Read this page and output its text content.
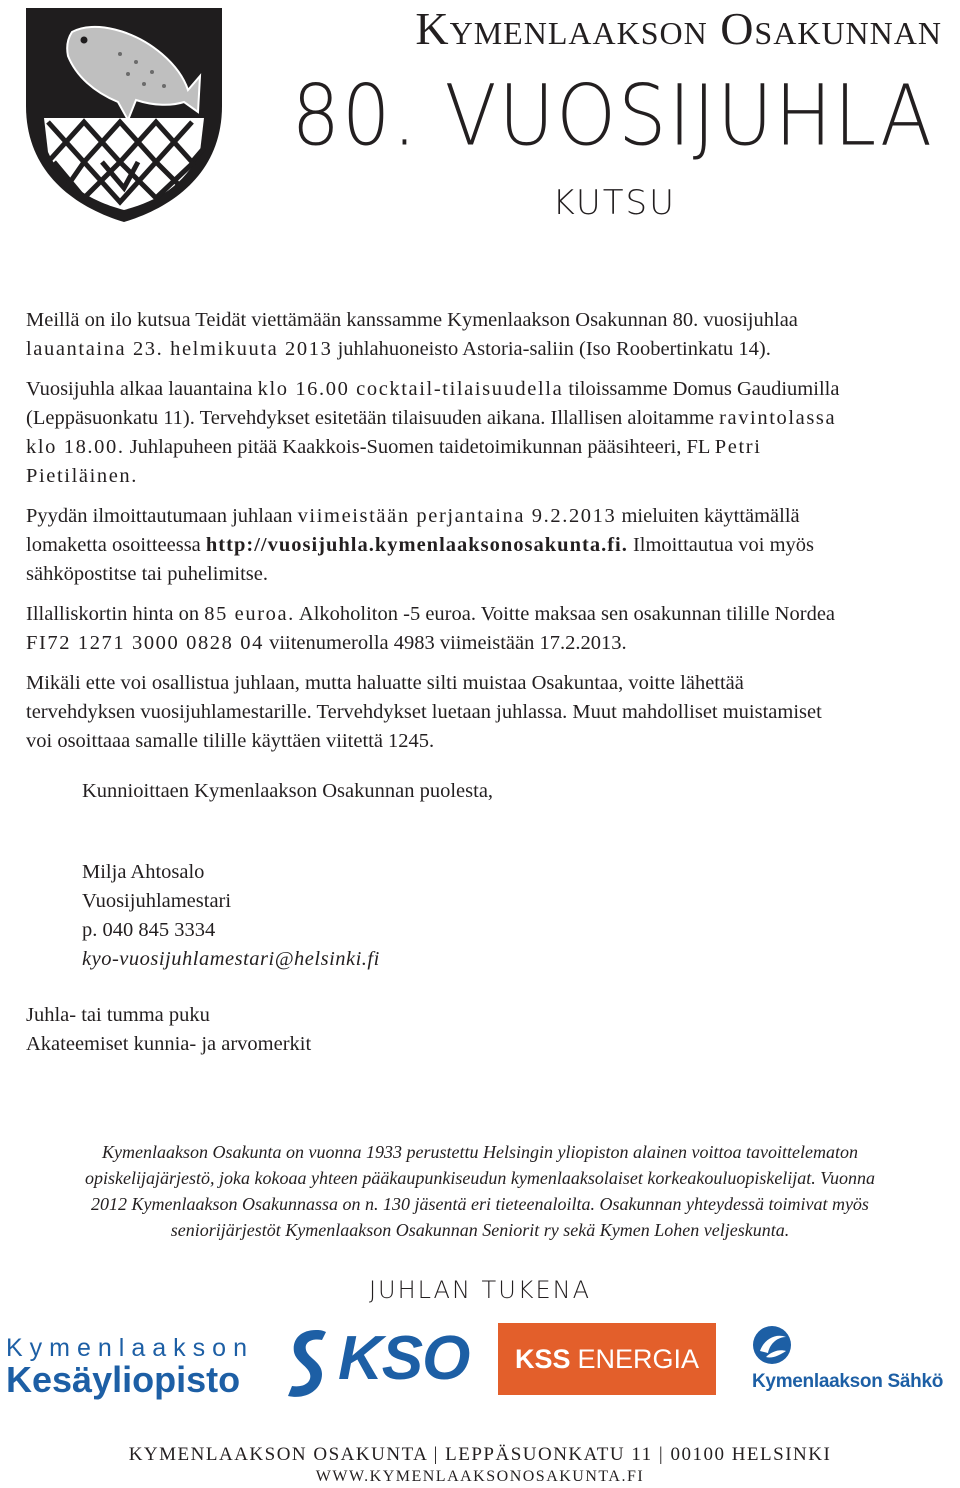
Kymenlaakson Osakunnan
80. VUOSIJUHLA
KUTSU

Meillä on ilo kutsua Teidät viettämään kanssamme Kymenlaakson Osakunnan 80. vuosijuhlaa
lauantaina 23. helmikuuta 2013 juhlahuoneisto Astoria-saliin (Iso Roobertinkatu 14).

Vuosijuhla alkaa lauantaina klo 16.00 cocktail-tilaisuudella tiloissamme Domus Gaudiumilla
(Leppäsuonkatu 11). Tervehdykset esitetään tilaisuuden aikana. Illallisen aloitamme ravintolassa
klo 18.00. Juhlapuheen pitää Kaakkois-Suomen taidetoimikunnan pääsihteeri, FL Petri
Pietiläinen.

Pyydän ilmoittautumaan juhlaan viimeistään perjantaina 9.2.2013 mieluiten käyttämällä
lomaketta osoitteessa http://vuosijuhla.kymenlaaksonosakunta.fi. Ilmoittautua voi myös
sähköpostitse tai puhelimitse.

Illalliskortin hinta on 85 euroa. Alkoholiton -5 euroa. Voitte maksaa sen osakunnan tilille Nordea
FI72 1271 3000 0828 04 viitenumerolla 4983 viimeistään 17.2.2013.

Mikäli ette voi osallistua juhlaan, mutta haluatte silti muistaa Osakuntaa, voitte lähettää
tervehdyksen vuosijuhlamestarille. Tervehdykset luetaan juhlassa. Muut mahdolliset muistamiset
voi osoittaaa samalle tilille käyttäen viitettä 1245.

Kunnioittaen Kymenlaakson Osakunnan puolesta,
Milja Ahtosalo
Vuosijuhlamestari
p. 040 845 3334
kyo-vuosijuhlamestari@helsinki.fi
Juhla- tai tumma puku
Akateemiset kunnia- ja arvomerkit
Kymenlaakson Osakunta on vuonna 1933 perustettu Helsingin yliopiston alainen voittoa tavoittelematon
opiskelijajärjestö, joka kokoaa yhteen pääkaupunkiseudun kymenlaaksolaiset korkeakouluopiskelijat. Vuonna
2012 Kymenlaakson Osakunnassa on n. 130 jäsentä eri tieteenaloilta. Osakunnan yhteydessä toimivat myös
seniorijärjestöt Kymenlaakson Osakunnan Seniorit ry sekä Kymen Lohen veljeskunta.
JUHLAN TUKENA
Kymenlaakson
Kesäyliopisto KSO KSS ENERGIA
Kymenlaakson Sähkö
KYMENLAAKSON OSAKUNTA | LEPPÄSUONKATU 11 | 00100 HELSINKI
WWW.KYMENLAAKSONOSAKUNTA.FI
